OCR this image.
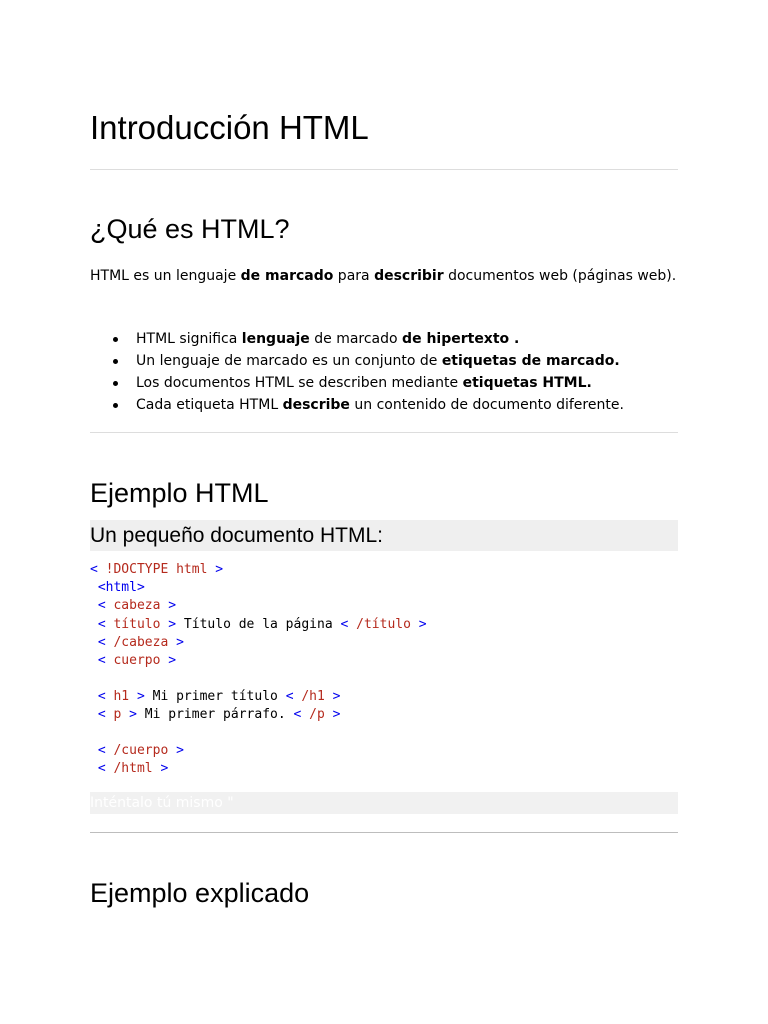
Introducción HTML
¿Qué es HTML?
HTML es un lenguaje de marcado para describir documentos web (páginas web).
HTML significa lenguaje de marcado de hipertexto .
Un lenguaje de marcado es un conjunto de etiquetas de marcado.
Los documentos HTML se describen mediante etiquetas HTML.
Cada etiqueta HTML describe un contenido de documento diferente.
Ejemplo HTML
Un pequeño documento HTML:
< !DOCTYPE html >
<html>
< cabeza >
< título > Título de la página < /título >
< /cabeza >
< cuerpo >
< h1 > Mi primer título < /h1 >
< p > Mi primer párrafo. < /p >
< /cuerpo >
< /html >
Inténtalo tú mismo "
Ejemplo explicado
